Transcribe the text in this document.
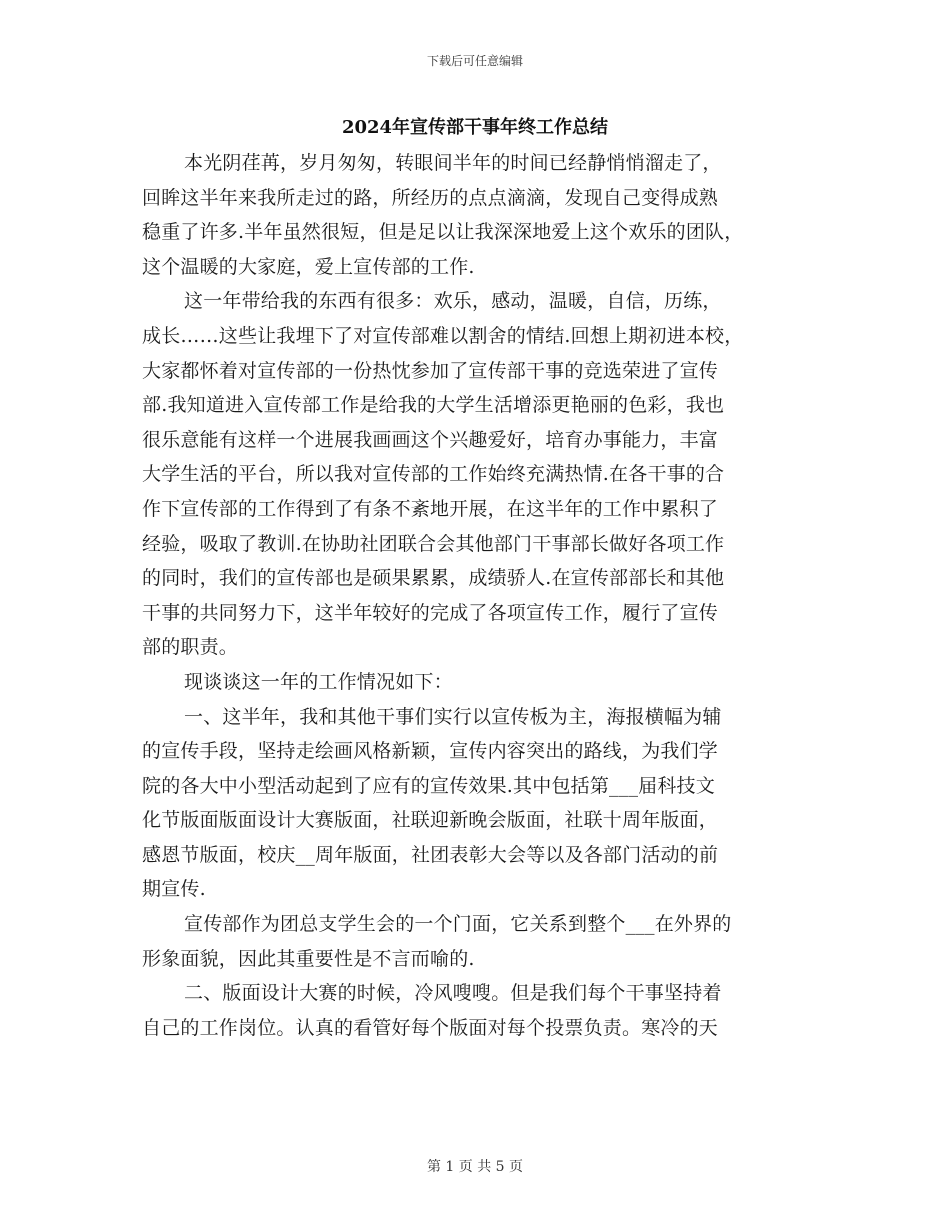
下载后可任意编辑
2024年宣传部干事年终工作总结
本光阴荏苒，岁月匆匆，转眼间半年的时间已经静悄悄溜走了，
回眸这半年来我所走过的路，所经历的点点滴滴，发现自己变得成熟
稳重了许多.半年虽然很短，但是足以让我深深地爱上这个欢乐的团队，
这个温暖的大家庭，爱上宣传部的工作.
这一年带给我的东西有很多：欢乐，感动，温暖，自信，历练，
成长……这些让我埋下了对宣传部难以割舍的情结.回想上期初进本校，
大家都怀着对宣传部的一份热忱参加了宣传部干事的竞选荣进了宣传
部.我知道进入宣传部工作是给我的大学生活增添更艳丽的色彩，我也
很乐意能有这样一个进展我画画这个兴趣爱好，培育办事能力，丰富
大学生活的平台，所以我对宣传部的工作始终充满热情.在各干事的合
作下宣传部的工作得到了有条不紊地开展，在这半年的工作中累积了
经验，吸取了教训.在协助社团联合会其他部门干事部长做好各项工作
的同时，我们的宣传部也是硕果累累，成绩骄人.在宣传部部长和其他
干事的共同努力下，这半年较好的完成了各项宣传工作，履行了宣传
部的职责。
现谈谈这一年的工作情况如下：
一、这半年，我和其他干事们实行以宣传板为主，海报横幅为辅
的宣传手段，坚持走绘画风格新颖，宣传内容突出的路线，为我们学
院的各大中小型活动起到了应有的宣传效果.其中包括第___届科技文
化节版面版面设计大赛版面，社联迎新晚会版面，社联十周年版面，
感恩节版面，校庆__周年版面，社团表彰大会等以及各部门活动的前
期宣传.
宣传部作为团总支学生会的一个门面，它关系到整个___在外界的
形象面貌，因此其重要性是不言而喻的.
二、版面设计大赛的时候，冷风嗖嗖。但是我们每个干事坚持着
自己的工作岗位。认真的看管好每个版面对每个投票负责。寒冷的天
第 1 页 共 5 页
